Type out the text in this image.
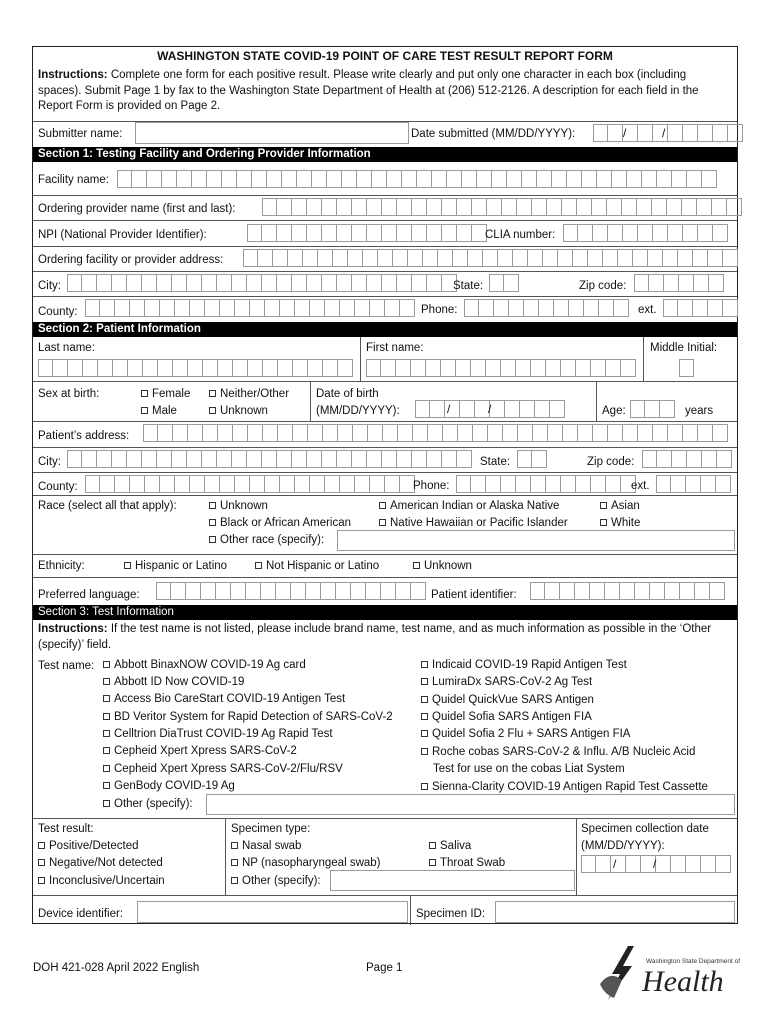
WASHINGTON STATE COVID-19 POINT OF CARE TEST RESULT REPORT FORM
Instructions: Complete one form for each positive result. Please write clearly and put only one character in each box (including spaces). Submit Page 1 by fax to the Washington State Department of Health at (206) 512-2126. A description for each field in the Report Form is provided on Page 2.
Submitter name:	Date submitted (MM/DD/YYYY):	/	/
Section 1: Testing Facility and Ordering Provider Information
Facility name:
Ordering provider name (first and last):
NPI (National Provider Identifier):	CLIA number:
Ordering facility or provider address:
City:	State:	Zip code:
County:	Phone:	ext.
Section 2: Patient Information
Last name:	First name:	Middle Initial:
Sex at birth:	Female
Male
Neither/Other
Unknown
Date of birth
(MM/DD/YYYY):	/	/	Age:	years
Patient’s address:
City:	State:	Zip code:
County:	Phone:	ext.
Race (select all that apply):	Unknown	American Indian or Alaska Native	Asian
Black or African American	Native Hawaiian or Pacific Islander	White
Other race (specify):
Ethnicity:	Hispanic or Latino	Not Hispanic or Latino	Unknown
Preferred language:	Patient identifier:
Section 3: Test Information
Instructions: If the test name is not listed, please include brand name, test name, and as much information as possible in the ‘Other (specify)’ field.
Test name:	Abbott BinaxNOW COVID-19 Ag card
Abbott ID Now COVID-19
Access Bio CareStart COVID-19 Antigen Test
BD Veritor System for Rapid Detection of SARS-CoV-2
Celltrion DiaTrust COVID-19 Ag Rapid Test
Cepheid Xpert Xpress SARS-CoV-2
Cepheid Xpert Xpress SARS-CoV-2/Flu/RSV
GenBody COVID-19 Ag
Other (specify):
Indicaid COVID-19 Rapid Antigen Test
LumiraDx SARS-CoV-2 Ag Test
Quidel QuickVue SARS Antigen
Quidel Sofia SARS Antigen FIA
Quidel Sofia 2 Flu + SARS Antigen FIA
Roche cobas SARS-CoV-2 & Influ. A/B Nucleic Acid
Test for use on the cobas Liat System
Sienna-Clarity COVID-19 Antigen Rapid Test Cassette
Test result:
Positive/Detected
Negative/Not detected
Inconclusive/Uncertain
Specimen type:
Nasal swab
NP (nasopharyngeal swab)
Other (specify):
Saliva
Throat Swab
Specimen collection date
(MM/DD/YYYY):
/	/
Device identifier:	Specimen ID:
DOH 421-028 April 2022 English	Page 1
Washington State Department of
Health
